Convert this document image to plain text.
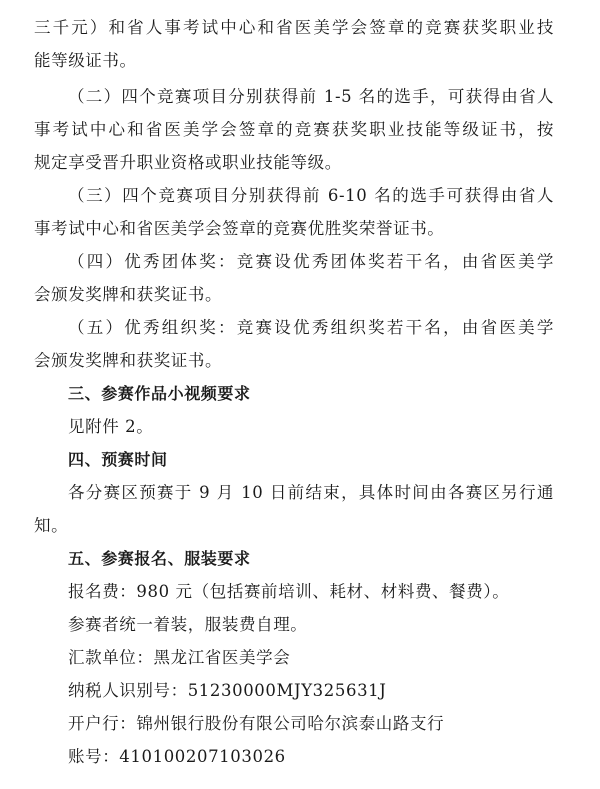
三千元）和省人事考试中心和省医美学会签章的竞赛获奖职业技
能等级证书。
（二）四个竞赛项目分别获得前 1-5 名的选手，可获得由省人
事考试中心和省医美学会签章的竞赛获奖职业技能等级证书，按
规定享受晋升职业资格或职业技能等级。
（三）四个竞赛项目分别获得前 6-10 名的选手可获得由省人
事考试中心和省医美学会签章的竞赛优胜奖荣誉证书。
（四）优秀团体奖：竞赛设优秀团体奖若干名，由省医美学
会颁发奖牌和获奖证书。
（五）优秀组织奖：竞赛设优秀组织奖若干名，由省医美学
会颁发奖牌和获奖证书。
三、参赛作品小视频要求
见附件 2。
四、预赛时间
各分赛区预赛于 9 月 10 日前结束，具体时间由各赛区另行通
知。
五、参赛报名、服装要求
报名费：980 元（包括赛前培训、耗材、材料费、餐费）。
参赛者统一着装，服装费自理。
汇款单位：黑龙江省医美学会
纳税人识别号：51230000MJY325631J
开户行：锦州银行股份有限公司哈尔滨泰山路支行
账号：410100207103026
